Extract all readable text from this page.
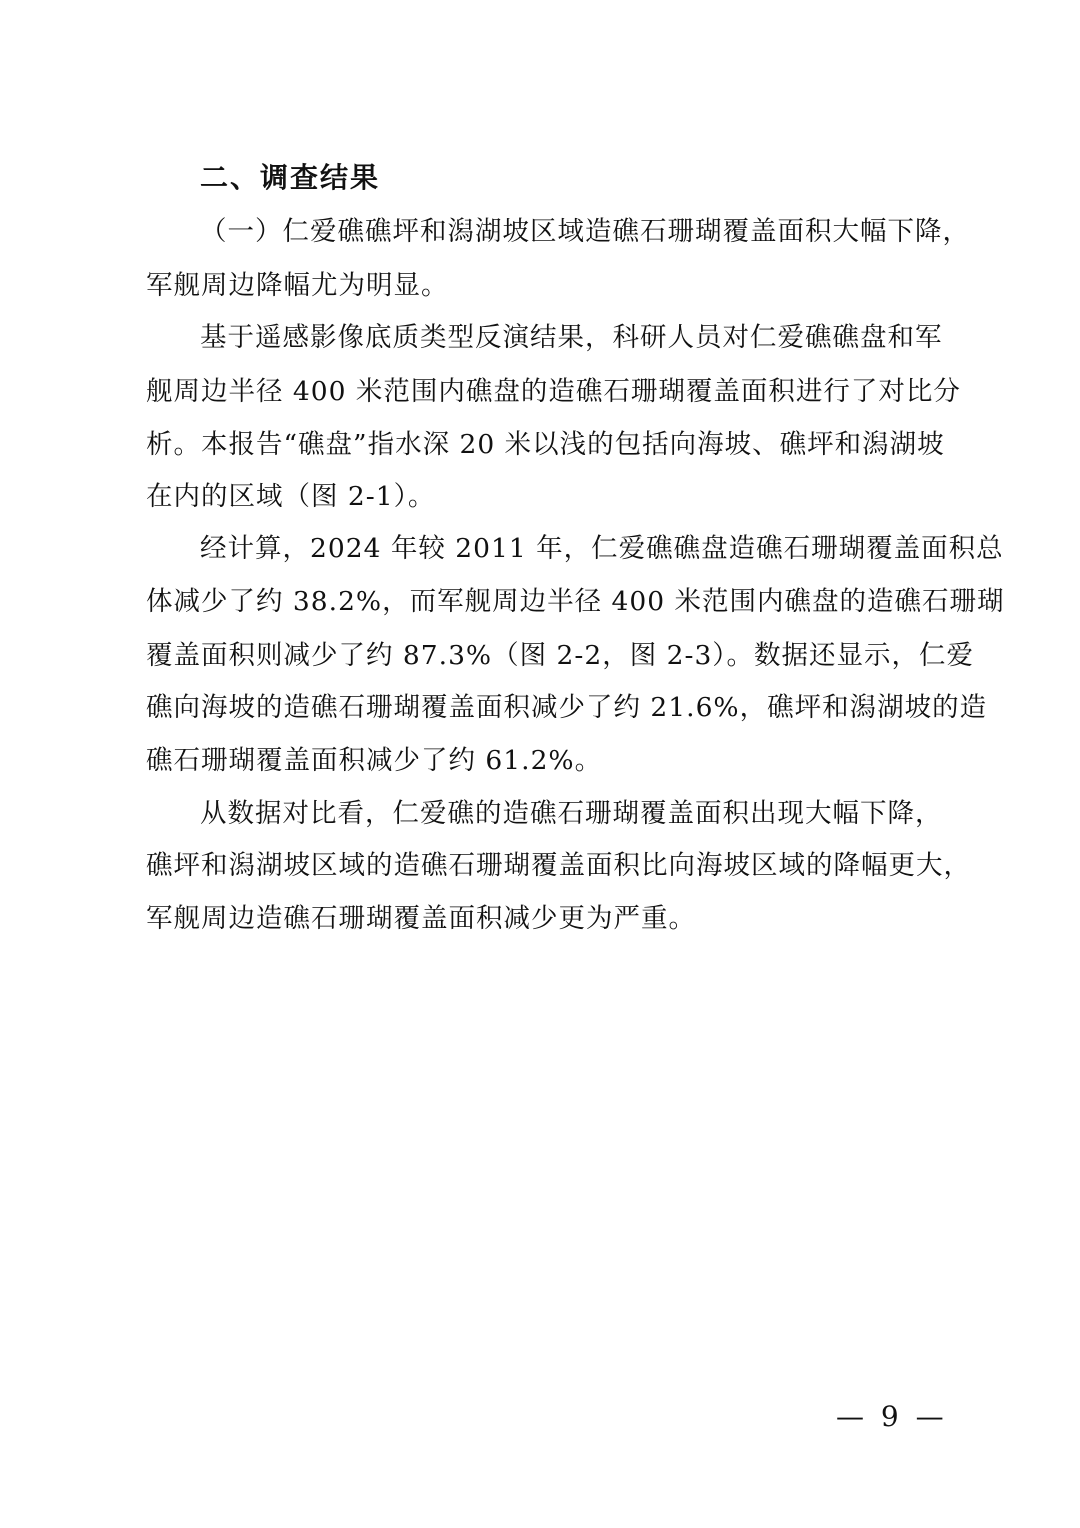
二、调查结果
（一）仁爱礁礁坪和潟湖坡区域造礁石珊瑚覆盖面积大幅下降，
军舰周边降幅尤为明显。
基于遥感影像底质类型反演结果，科研人员对仁爱礁礁盘和军
舰周边半径 400 米范围内礁盘的造礁石珊瑚覆盖面积进行了对比分
析。本报告“礁盘”指水深 20 米以浅的包括向海坡、礁坪和潟湖坡
在内的区域（图 2-1）。
经计算，2024 年较 2011 年，仁爱礁礁盘造礁石珊瑚覆盖面积总
体减少了约 38.2%，而军舰周边半径 400 米范围内礁盘的造礁石珊瑚
覆盖面积则减少了约 87.3%（图 2-2，图 2-3）。数据还显示，仁爱
礁向海坡的造礁石珊瑚覆盖面积减少了约 21.6%，礁坪和潟湖坡的造
礁石珊瑚覆盖面积减少了约 61.2%。
从数据对比看，仁爱礁的造礁石珊瑚覆盖面积出现大幅下降，
礁坪和潟湖坡区域的造礁石珊瑚覆盖面积比向海坡区域的降幅更大，
军舰周边造礁石珊瑚覆盖面积减少更为严重。
— 9 —
